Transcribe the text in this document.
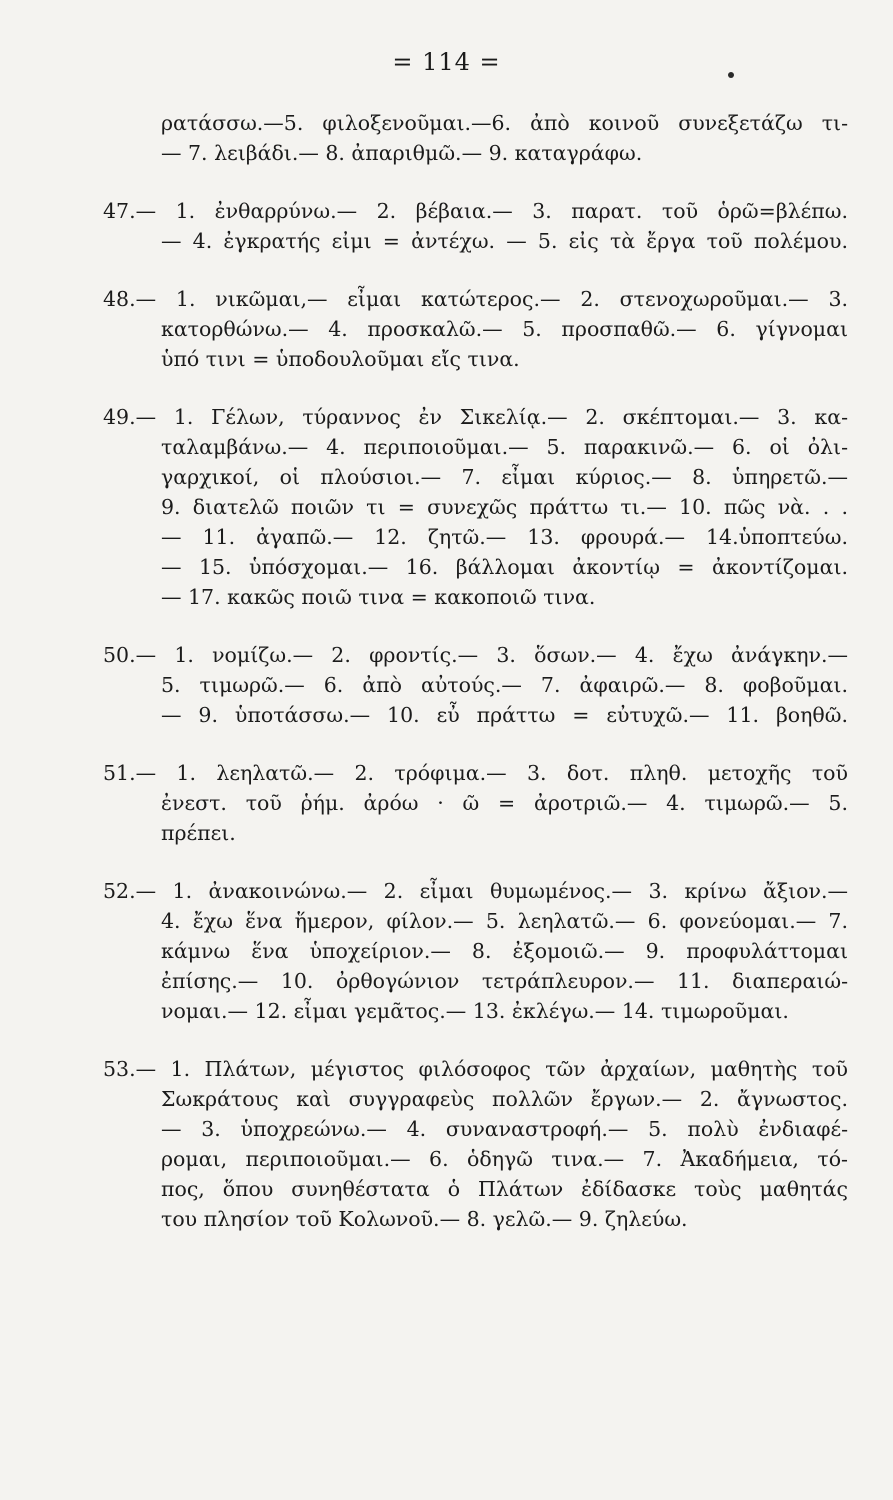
= 114 =
ρατάσσω.—5. φιλοξενοῦμαι.—6. ἀπὸ κοινοῦ συνεξετάζω τι-
— 7. λειβάδι.— 8. ἀπαριθμῶ.— 9. καταγράφω.
47.— 1. ἐνθαρρύνω.— 2. βέβαια.— 3. παρατ. τοῦ ὁρῶ=βλέπω.
— 4. ἐγκρατής εἰμι = ἀντέχω. — 5. εἰς τὰ ἔργα τοῦ πολέμου.
48.— 1. νικῶμαι,— εἶμαι κατώτερος.— 2. στενοχωροῦμαι.— 3.
κατορθώνω.— 4. προσκαλῶ.— 5. προσπαθῶ.— 6. γίγνομαι
ὑπό τινι = ὑποδουλοῦμαι εἴς τινα.
49.— 1. Γέλων, τύραννος ἐν Σικελίᾳ.— 2. σκέπτομαι.— 3. κα-
ταλαμβάνω.— 4. περιποιοῦμαι.— 5. παρακινῶ.— 6. οἱ ὀλι-
γαρχικοί, οἱ πλούσιοι.— 7. εἶμαι κύριος.— 8. ὑπηρετῶ.—
9. διατελῶ ποιῶν τι = συνεχῶς πράττω τι.— 10. πῶς νὰ. . .
— 11. ἀγαπῶ.— 12. ζητῶ.— 13. φρουρά.— 14.ὑποπτεύω.
— 15. ὑπόσχομαι.— 16. βάλλομαι ἀκοντίῳ = ἀκοντίζομαι.
— 17. κακῶς ποιῶ τινα = κακοποιῶ τινα.
50.— 1. νομίζω.— 2. φροντίς.— 3. ὅσων.— 4. ἔχω ἀνάγκην.—
5. τιμωρῶ.— 6. ἀπὸ αὐτούς.— 7. ἀφαιρῶ.— 8. φοβοῦμαι.
— 9. ὑποτάσσω.— 10. εὖ πράττω = εὐτυχῶ.— 11. βοηθῶ.
51.— 1. λεηλατῶ.— 2. τρόφιμα.— 3. δοτ. πληθ. μετοχῆς τοῦ
ἐνεστ. τοῦ ῥήμ. ἀρόω · ῶ = ἀροτριῶ.— 4. τιμωρῶ.— 5.
πρέπει.
52.— 1. ἀνακοινώνω.— 2. εἶμαι θυμωμένος.— 3. κρίνω ἄξιον.—
4. ἔχω ἕνα ἥμερον, φίλον.— 5. λεηλατῶ.— 6. φονεύομαι.— 7.
κάμνω ἕνα ὑποχείριον.— 8. ἐξομοιῶ.— 9. προφυλάττομαι
ἐπίσης.— 10. ὀρθογώνιον τετράπλευρον.— 11. διαπεραιώ-
νομαι.— 12. εἶμαι γεμᾶτος.— 13. ἐκλέγω.— 14. τιμωροῦμαι.
53.— 1. Πλάτων, μέγιστος φιλόσοφος τῶν ἀρχαίων, μαθητὴς τοῦ
Σωκράτους καὶ συγγραφεὺς πολλῶν ἔργων.— 2. ἄγνωστος.
— 3. ὑποχρεώνω.— 4. συναναστροφή.— 5. πολὺ ἐνδιαφέ-
ρομαι, περιποιοῦμαι.— 6. ὁδηγῶ τινα.— 7. Ἀκαδήμεια, τό-
πος, ὅπου συνηθέστατα ὁ Πλάτων ἐδίδασκε τοὺς μαθητάς
του πλησίον τοῦ Κολωνοῦ.— 8. γελῶ.— 9. ζηλεύω.
